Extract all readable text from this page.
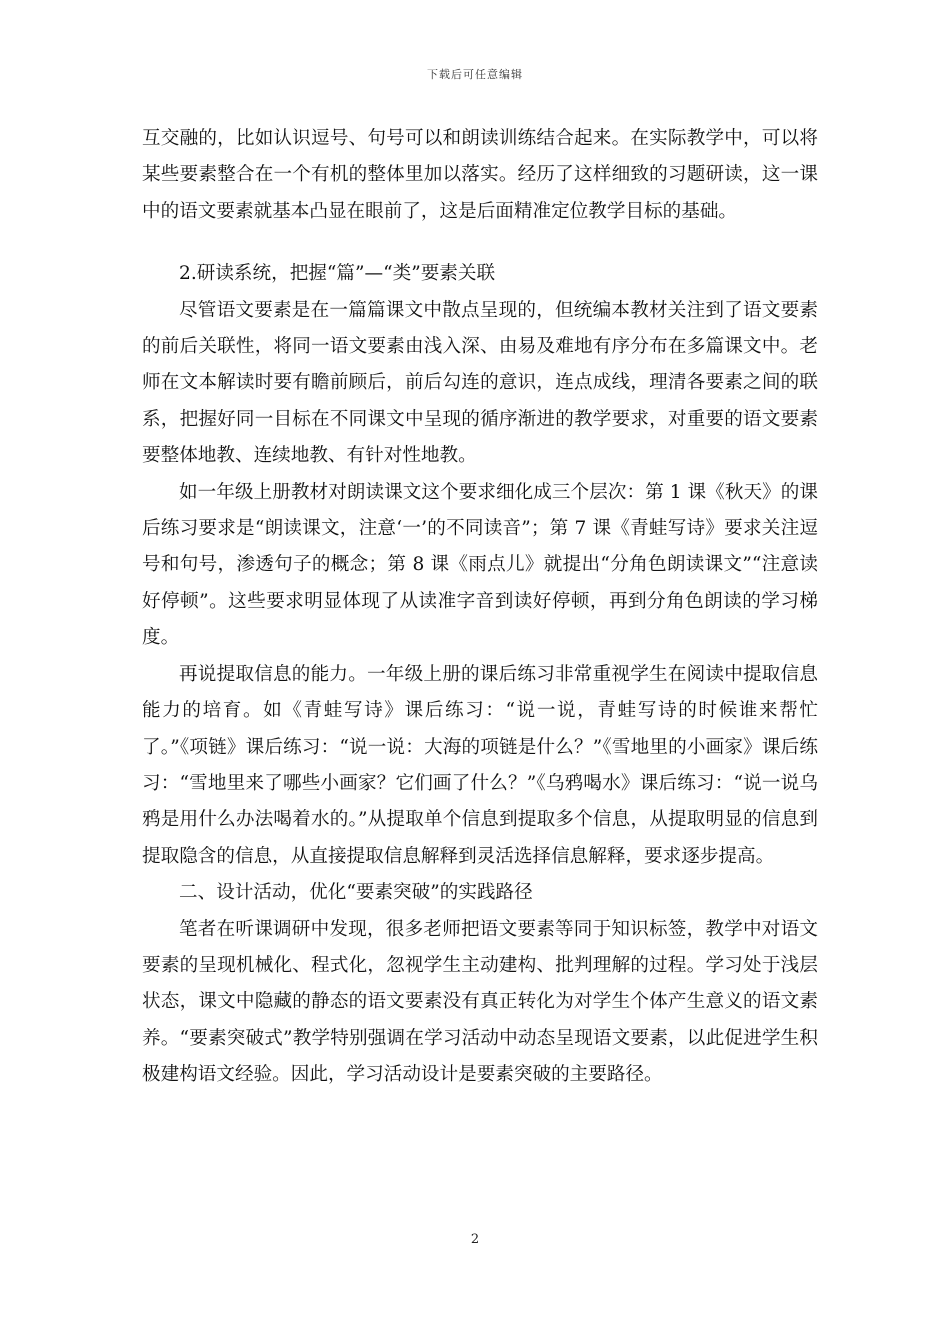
下载后可任意编辑

互交融的，比如认识逗号、句号可以和朗读训练结合起来。在实际教学中，可以将某些要素整合在一个有机的整体里加以落实。经历了这样细致的习题研读，这一课中的语文要素就基本凸显在眼前了，这是后面精准定位教学目标的基础。

2.研读系统，把握“篇”—“类”要素关联

尽管语文要素是在一篇篇课文中散点呈现的，但统编本教材关注到了语文要素的前后关联性，将同一语文要素由浅入深、由易及难地有序分布在多篇课文中。老师在文本解读时要有瞻前顾后，前后勾连的意识，连点成线，理清各要素之间的联系，把握好同一目标在不同课文中呈现的循序渐进的教学要求，对重要的语文要素要整体地教、连续地教、有针对性地教。

如一年级上册教材对朗读课文这个要求细化成三个层次：第 1 课《秋天》的课后练习要求是“朗读课文，注意‘一’的不同读音”；第 7 课《青蛙写诗》要求关注逗号和句号，渗透句子的概念；第 8 课《雨点儿》就提出“分角色朗读课文”“注意读好停顿”。这些要求明显体现了从读准字音到读好停顿，再到分角色朗读的学习梯度。

再说提取信息的能力。一年级上册的课后练习非常重视学生在阅读中提取信息能力的培育。如《青蛙写诗》课后练习：“说一说，青蛙写诗的时候谁来帮忙了。”《项链》课后练习：“说一说：大海的项链是什么？”《雪地里的小画家》课后练习：“雪地里来了哪些小画家？它们画了什么？”《乌鸦喝水》课后练习：“说一说乌鸦是用什么办法喝着水的。”从提取单个信息到提取多个信息，从提取明显的信息到提取隐含的信息，从直接提取信息解释到灵活选择信息解释，要求逐步提高。

二、设计活动，优化“要素突破”的实践路径

笔者在听课调研中发现，很多老师把语文要素等同于知识标签，教学中对语文要素的呈现机械化、程式化，忽视学生主动建构、批判理解的过程。学习处于浅层状态，课文中隐藏的静态的语文要素没有真正转化为对学生个体产生意义的语文素养。“要素突破式”教学特别强调在学习活动中动态呈现语文要素，以此促进学生积极建构语文经验。因此，学习活动设计是要素突破的主要路径。

2
